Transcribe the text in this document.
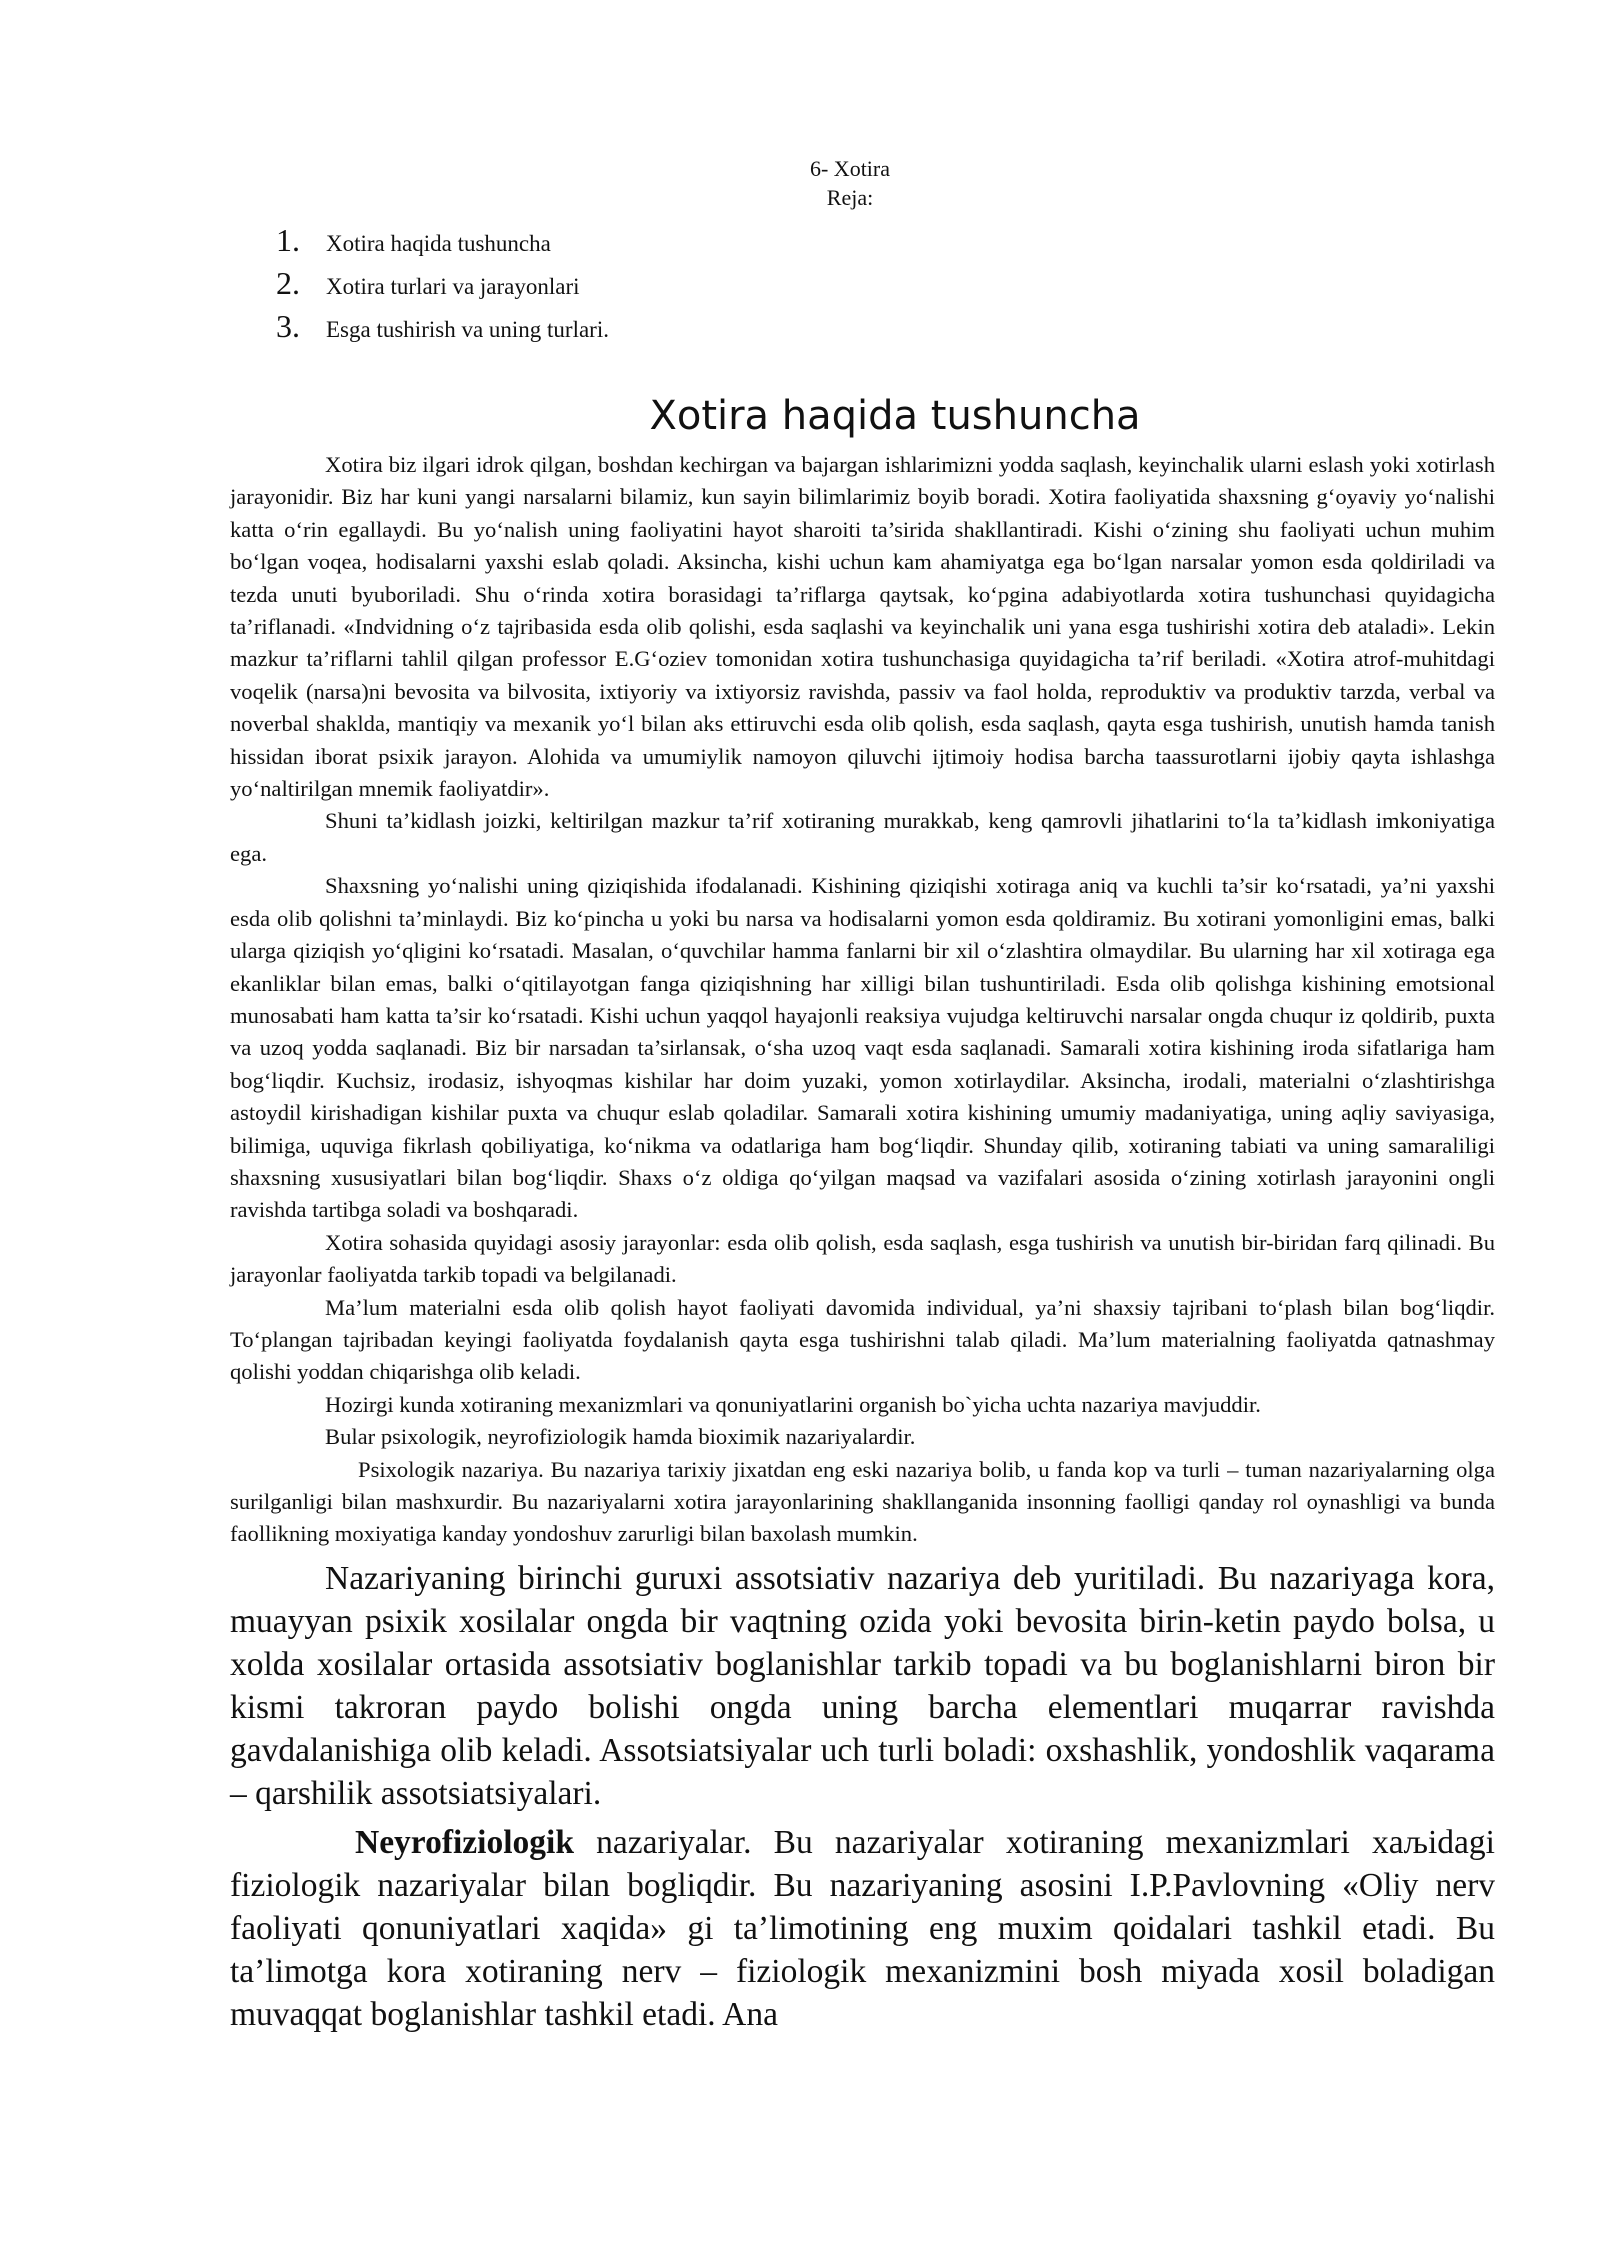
6- Xotira
Reja:
1.	Xotira haqida tushuncha
2.	Xotira turlari va jarayonlari
3.	Esga tushirish va uning turlari.
Xotira haqida tushuncha

Xotira biz ilgari idrok qilgan, boshdan kechirgan va bajargan ishlarimizni yodda saqlash, keyinchalik ularni eslash yoki xotirlash jarayonidir. Biz har kuni yangi narsalarni bilamiz, kun sayin bilimlarimiz boyib boradi. Xotira faoliyatida shaxsning g‘oyaviy yo‘nalishi katta o‘rin egallaydi. Bu yo‘nalish uning faoliyatini hayot sharoiti ta’sirida shakllantiradi. Kishi o‘zining shu faoliyati uchun muhim bo‘lgan voqea, hodisalarni yaxshi eslab qoladi. Aksincha, kishi uchun kam ahamiyatga ega bo‘lgan narsalar yomon esda qoldiriladi va tezda unuti byuboriladi. Shu o‘rinda xotira borasidagi ta’riflarga qaytsak, ko‘pgina adabiyotlarda xotira tushunchasi quyidagicha ta’riflanadi. «Indvidning o‘z tajribasida esda olib qolishi, esda saqlashi va keyinchalik uni yana esga tushirishi xotira deb ataladi». Lekin mazkur ta’riflarni tahlil qilgan professor E.G‘oziev tomonidan xotira tushunchasiga quyidagicha ta’rif beriladi. «Xotira atrof-muhitdagi voqelik (narsa)ni bevosita va bilvosita, ixtiyoriy va ixtiyorsiz ravishda, passiv va faol holda, reproduktiv va produktiv tarzda, verbal va noverbal shaklda, mantiqiy va mexanik yo‘l bilan aks ettiruvchi esda olib qolish, esda saqlash, qayta esga tushirish, unutish hamda tanish hissidan iborat psixik jarayon. Alohida va umumiylik namoyon qiluvchi ijtimoiy hodisa barcha taassurotlarni ijobiy qayta ishlashga yo‘naltirilgan mnemik faoliyatdir».

Shuni ta’kidlash joizki, keltirilgan mazkur ta’rif xotiraning murakkab, keng qamrovli jihatlarini to‘la ta’kidlash imkoniyatiga ega.

Shaxsning yo‘nalishi uning qiziqishida ifodalanadi. Kishining qiziqishi xotiraga aniq va kuchli ta’sir ko‘rsatadi, ya’ni yaxshi esda olib qolishni ta’minlaydi. Biz ko‘pincha u yoki bu narsa va hodisalarni yomon esda qoldiramiz. Bu xotirani yomonligini emas, balki ularga qiziqish yo‘qligini ko‘rsatadi. Masalan, o‘quvchilar hamma fanlarni bir xil o‘zlashtira olmaydilar. Bu ularning har xil xotiraga ega ekanliklar bilan emas, balki o‘qitilayotgan fanga qiziqishning har xilligi bilan tushuntiriladi. Esda olib qolishga kishining emotsional munosabati ham katta ta’sir ko‘rsatadi. Kishi uchun yaqqol hayajonli reaksiya vujudga keltiruvchi narsalar ongda chuqur iz qoldirib, puxta va uzoq yodda saqlanadi. Biz bir narsadan ta’sirlansak, o‘sha uzoq vaqt esda saqlanadi. Samarali xotira kishining iroda sifatlariga ham bog‘liqdir. Kuchsiz, irodasiz, ishyoqmas kishilar har doim yuzaki, yomon xotirlaydilar. Aksincha, irodali, materialni o‘zlashtirishga astoydil kirishadigan kishilar puxta va chuqur eslab qoladilar. Samarali xotira kishining umumiy madaniyatiga, uning aqliy saviyasiga, bilimiga, uquviga fikrlash qobiliyatiga, ko‘nikma va odatlariga ham bog‘liqdir. Shunday qilib, xotiraning tabiati va uning samaraliligi shaxsning xususiyatlari bilan bog‘liqdir. Shaxs o‘z oldiga qo‘yilgan maqsad va vazifalari asosida o‘zining xotirlash jarayonini ongli ravishda tartibga soladi va boshqaradi.

Xotira sohasida quyidagi asosiy jarayonlar: esda olib qolish, esda saqlash, esga tushirish va unutish bir-biridan farq qilinadi. Bu jarayonlar faoliyatda tarkib topadi va belgilanadi.

Ma’lum materialni esda olib qolish hayot faoliyati davomida individual, ya’ni shaxsiy tajribani to‘plash bilan bog‘liqdir. To‘plangan tajribadan keyingi faoliyatda foydalanish qayta esga tushirishni talab qiladi. Ma’lum materialning faoliyatda qatnashmay qolishi yoddan chiqarishga olib keladi.

Hozirgi kunda xotiraning mexanizmlari va qonuniyatlarini organish bo`yicha uchta nazariya mavjuddir.

Bular psixologik, neyrofiziologik hamda bioximik nazariyalardir.

Psixologik nazariya. Bu nazariya tarixiy jixatdan eng eski nazariya bolib, u fanda kop va turli – tuman nazariyalarning olga surilganligi bilan mashxurdir. Bu nazariyalarni xotira jarayonlarining shakllanganida insonning faolligi qanday rol oynashligi va bunda faollikning moxiyatiga kanday yondoshuv zarurligi bilan baxolash mumkin.

Nazariyaning birinchi guruxi assotsiativ nazariya deb yuritiladi. Bu nazariyaga kora, muayyan psixik xosilalar ongda bir vaqtning ozida yoki bevosita birin-ketin paydo bolsa, u xolda xosilalar ortasida assotsiativ boglanishlar tarkib topadi va bu boglanishlarni biron bir kismi takroran paydo bolishi ongda uning barcha elementlari muqarrar ravishda gavdalanishiga olib keladi. Assotsiatsiyalar uch turli boladi: oxshashlik, yondoshlik vaqarama – qarshilik assotsiatsiyalari.

Neyrofiziologik nazariyalar. Bu nazariyalar xotiraning mexanizmlari xaљidagi fiziologik nazariyalar bilan bogliqdir. Bu nazariyaning asosini I.P.Pavlovning «Oliy nerv faoliyati qonuniyatlari xaqida» gi ta’limotining eng muxim qoidalari tashkil etadi. Bu ta’limotga kora xotiraning nerv – fiziologik mexanizmini bosh miyada xosil boladigan muvaqqat boglanishlar tashkil etadi. Ana
